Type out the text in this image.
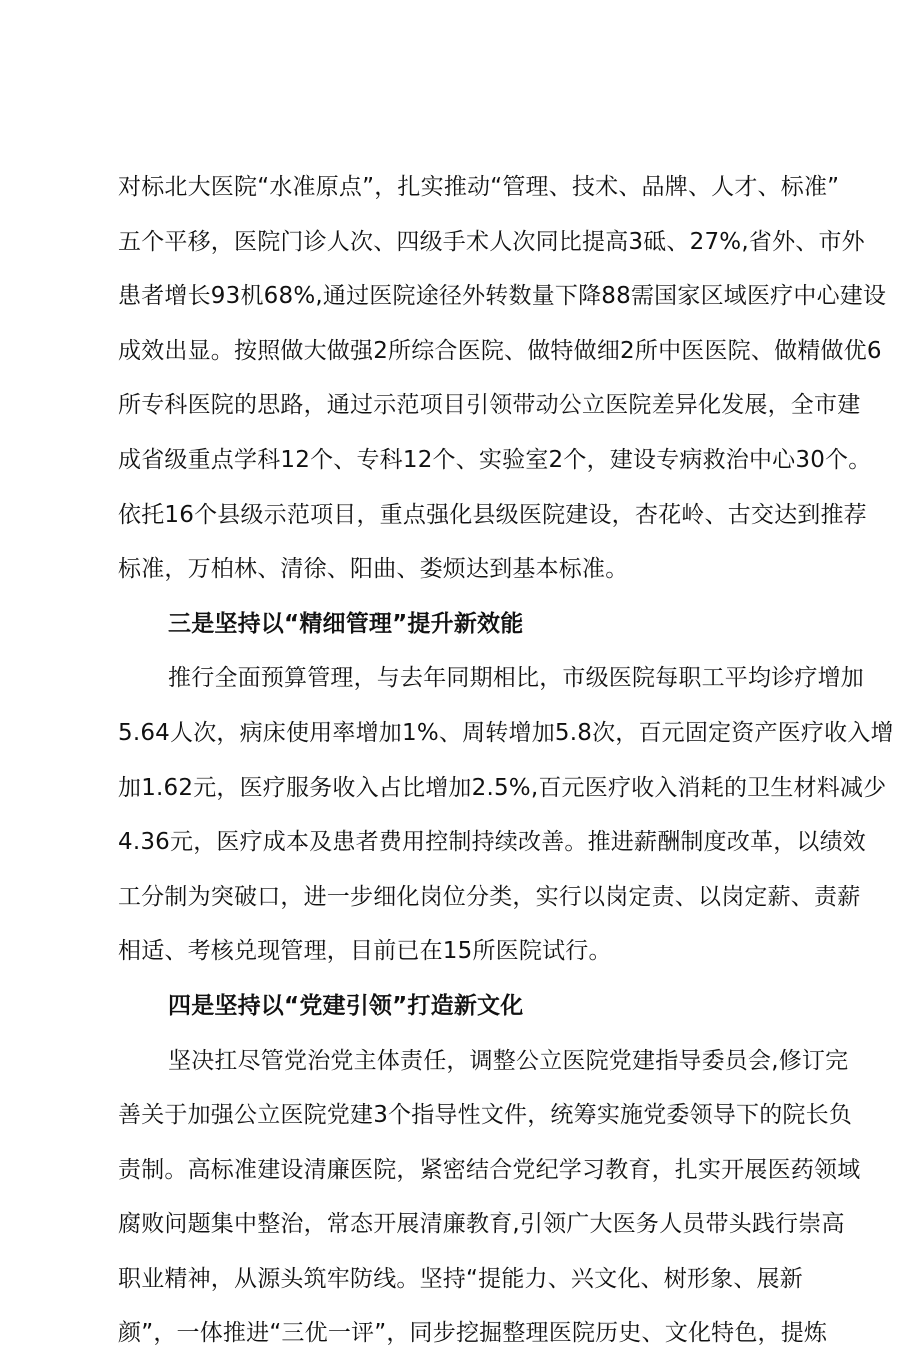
对标北大医院“水准原点”，扎实推动“管理、技术、品牌、人才、标准”
五个平移，医院门诊人次、四级手术人次同比提高3砥、27%,省外、市外
患者增长93机68%,通过医院途径外转数量下降88需国家区域医疗中心建设
成效出显。按照做大做强2所综合医院、做特做细2所中医医院、做精做优6
所专科医院的思路，通过示范项目引领带动公立医院差异化发展，全市建
成省级重点学科12个、专科12个、实验室2个，建设专病救治中心30个。
依托16个县级示范项目，重点强化县级医院建设，杏花岭、古交达到推荐
标准，万柏林、清徐、阳曲、娄烦达到基本标准。
三是坚持以“精细管理”提升新效能
推行全面预算管理，与去年同期相比，市级医院每职工平均诊疗增加
5.64人次，病床使用率增加1%、周转增加5.8次，百元固定资产医疗收入增
加1.62元，医疗服务收入占比增加2.5%,百元医疗收入消耗的卫生材料减少
4.36元，医疗成本及患者费用控制持续改善。推进薪酬制度改革，以绩效
工分制为突破口，进一步细化岗位分类，实行以岗定责、以岗定薪、责薪
相适、考核兑现管理，目前已在15所医院试行。
四是坚持以“党建引领”打造新文化
坚决扛尽管党治党主体责任，调整公立医院党建指导委员会,修订完
善关于加强公立医院党建3个指导性文件，统筹实施党委领导下的院长负
责制。高标准建设清廉医院，紧密结合党纪学习教育，扎实开展医药领域
腐败问题集中整治，常态开展清廉教育,引领广大医务人员带头践行崇高
职业精神，从源头筑牢防线。坚持“提能力、兴文化、树形象、展新
颜”，一体推进“三优一评”，同步挖掘整理医院历史、文化特色，提炼
